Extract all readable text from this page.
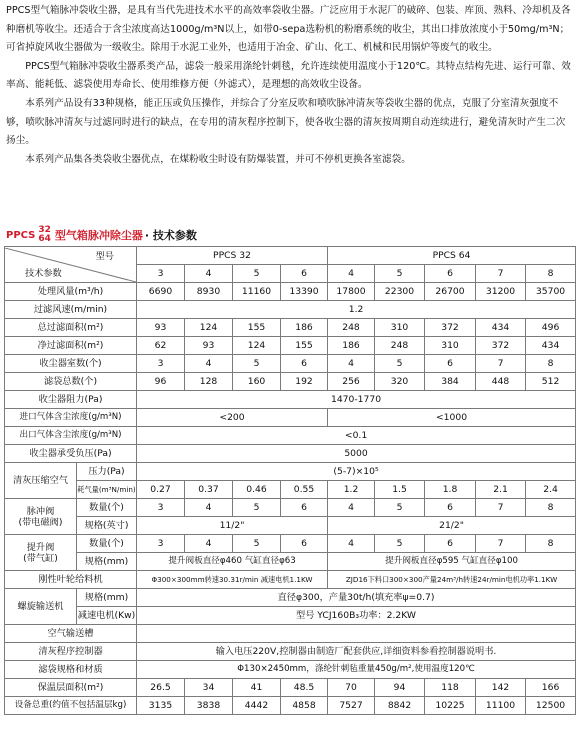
PPCS型气箱脉冲袋收尘器，是具有当代先进技术水平的高效率袋收尘器。广泛应用于水泥厂的破碎、包装、库顶、熟料、冷却机及各种磨机等收尘。还适合于含尘浓度高达1000g/m³N以上，如带0-sepa选粉机的粉磨系统的收尘，其出口排放浓度小于50mg/m³N；可省掉旋风收尘器做为一级收尘。除用于水泥工业外，也适用于冶金、矿山、化工、机械和民用锅炉等废气的收尘。

PPCS型气箱脉冲袋收尘器系类产品，滤袋一般采用涤纶针刺毯，允许连续使用温度小于120℃。其特点结构先进、运行可靠、效率高、能耗低、滤袋使用寿命长、使用维修方便（外滤式），是理想的高效收尘设备。

本系列产品设有33种规格，能正压或负压操作，并综合了分室反吹和喷吹脉冲清灰等袋收尘器的优点，克服了分室清灰强度不够，喷吹脉冲清灰与过滤同时进行的缺点，在专用的清灰程序控制下，使各收尘器的清灰按周期自动连续进行，避免清灰时产生二次扬尘。

本系列产品集各类袋收尘器优点，在煤粉收尘时设有防爆装置，并可不停机更换各室滤袋。

PPCS 32
64 型气箱脉冲除尘器 · 技术参数
型号
技术参数		PPCS 32				PPCS 64				
		3	4	5	6	4	5	6	7	8
处理风量(m³/h)		6690	8930	11160	13390	17800	22300	26700	31200	35700
过滤风速(m/min)		1.2								
总过滤面积(m²)		93	124	155	186	248	310	372	434	496
净过滤面积(m²)		62	93	124	155	186	248	310	372	434
收尘器室数(个)		3	4	5	6	4	5	6	7	8
滤袋总数(个)		96	128	160	192	256	320	384	448	512
收尘器阻力(Pa)		1470-1770								
进口气体含尘浓度(g/m³N)		<200				<1000				
出口气体含尘浓度(g/m³N)		<0.1								
收尘器承受负压(Pa)		5000								
清灰压缩空气	压力(Pa)	(5-7)×10⁵								
	耗气量(m³N/min)	0.27	0.37	0.46	0.55	1.2	1.5	1.8	2.1	2.4

脉冲阀
(带电磁阀)	数量(个)	3	4	5	6	4	5	6	7	8
	规格(英寸)	11/2"				21/2"				

提升阀
(带气缸)	数量(个)	3	4	5	6	4	5	6	7	8
	规格(mm)	提升阀板直径φ460 气缸直径φ63				提升阀板直径φ595 气缸直径φ100				
刚性叶轮给料机		Φ300×300mm转速30.31r/min 减速电机1.1KW				ZJD16下料口300×300产量24m³/h转速24r/min电机功率1.1KW				
螺旋输送机	规格(mm)	直径φ300，产量30t/h(填充率ψ=0.7)								
	减速电机(Kw)	型号 YCJ160B₃功率：2.2KW								
空气输送槽										
清灰程序控制器		输入电压220V,控制器由制造厂配套供应,详细资料参看控制器说明书.								
滤袋规格和材质		Φ130×2450mm，涤纶针刺毡重量450g/m²,使用温度120℃								
保温层面积(m²)		26.5	34	41	48.5	70	94	118	142	166
设备总重(约值不包括温层kg)		3135	3838	4442	4858	7527	8842	10225	11100	12500
